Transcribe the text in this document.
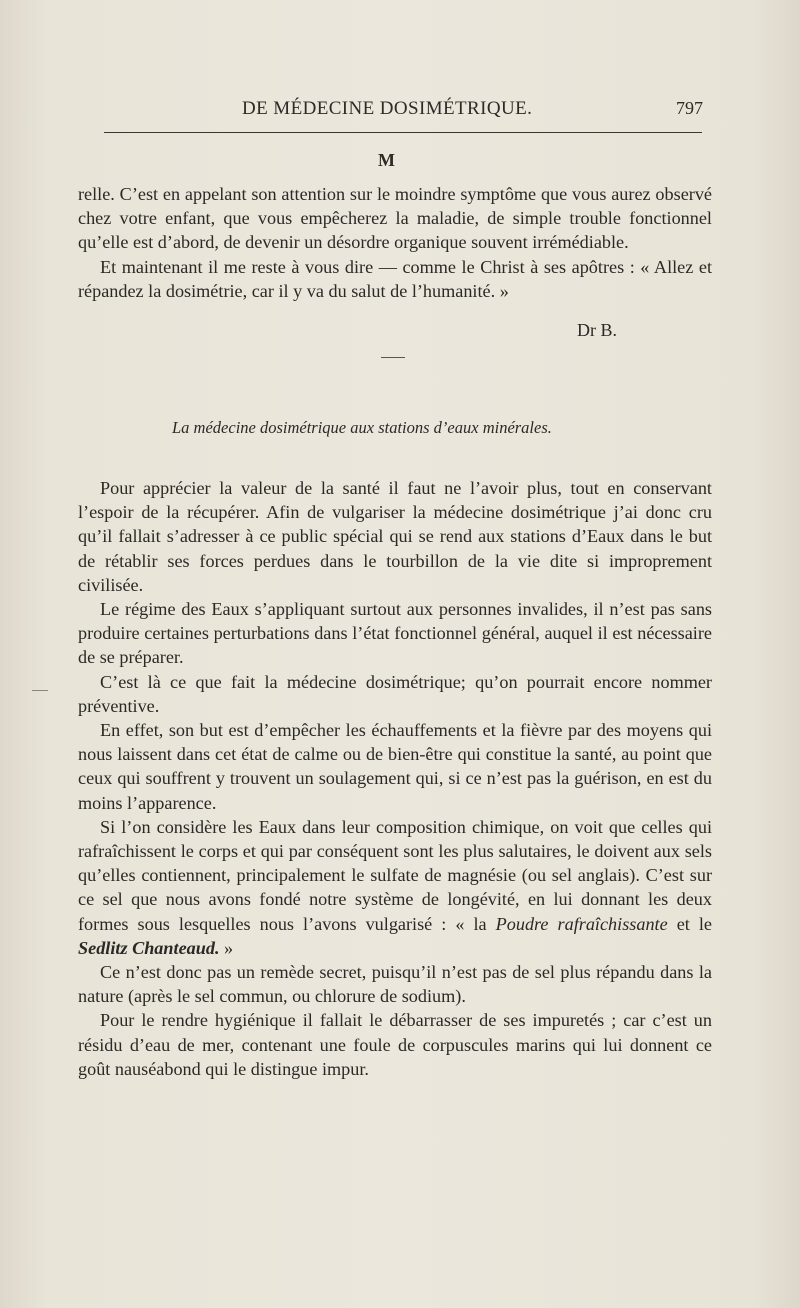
DE MÉDECINE DOSIMÉTRIQUE.	797
M

relle. C’est en appelant son attention sur le moindre symptôme que vous aurez observé chez votre enfant, que vous empêcherez la maladie, de simple trouble fonctionnel qu’elle est d’abord, de devenir un désordre organique souvent irrémédiable.

Et maintenant il me reste à vous dire — comme le Christ à ses apôtres : « Allez et répandez la dosimétrie, car il y va du salut de l’humanité. »

Dr B.
La médecine dosimétrique aux stations d’eaux minérales.

Pour apprécier la valeur de la santé il faut ne l’avoir plus, tout en conservant l’espoir de la récupérer. Afin de vulgariser la médecine dosimétrique j’ai donc cru qu’il fallait s’adresser à ce public spécial qui se rend aux stations d’Eaux dans le but de rétablir ses forces perdues dans le tourbillon de la vie dite si improprement civilisée.

Le régime des Eaux s’appliquant surtout aux personnes invalides, il n’est pas sans produire certaines perturbations dans l’état fonctionnel général, auquel il est nécessaire de se préparer.

C’est là ce que fait la médecine dosimétrique; qu’on pourrait encore nommer préventive.

En effet, son but est d’empêcher les échauffements et la fièvre par des moyens qui nous laissent dans cet état de calme ou de bien-être qui constitue la santé, au point que ceux qui souffrent y trouvent un soulagement qui, si ce n’est pas la guérison, en est du moins l’apparence.

Si l’on considère les Eaux dans leur composition chimique, on voit que celles qui rafraîchissent le corps et qui par conséquent sont les plus salutaires, le doivent aux sels qu’elles contiennent, principalement le sulfate de magnésie (ou sel anglais). C’est sur ce sel que nous avons fondé notre système de longévité, en lui donnant les deux formes sous lesquelles nous l’avons vulgarisé : « la Poudre rafraîchissante et le Sedlitz Chanteaud. »

Ce n’est donc pas un remède secret, puisqu’il n’est pas de sel plus répandu dans la nature (après le sel commun, ou chlorure de sodium).

Pour le rendre hygiénique il fallait le débarrasser de ses impuretés ; car c’est un résidu d’eau de mer, contenant une foule de corpuscules marins qui lui donnent ce goût nauséabond qui le distingue impur.
